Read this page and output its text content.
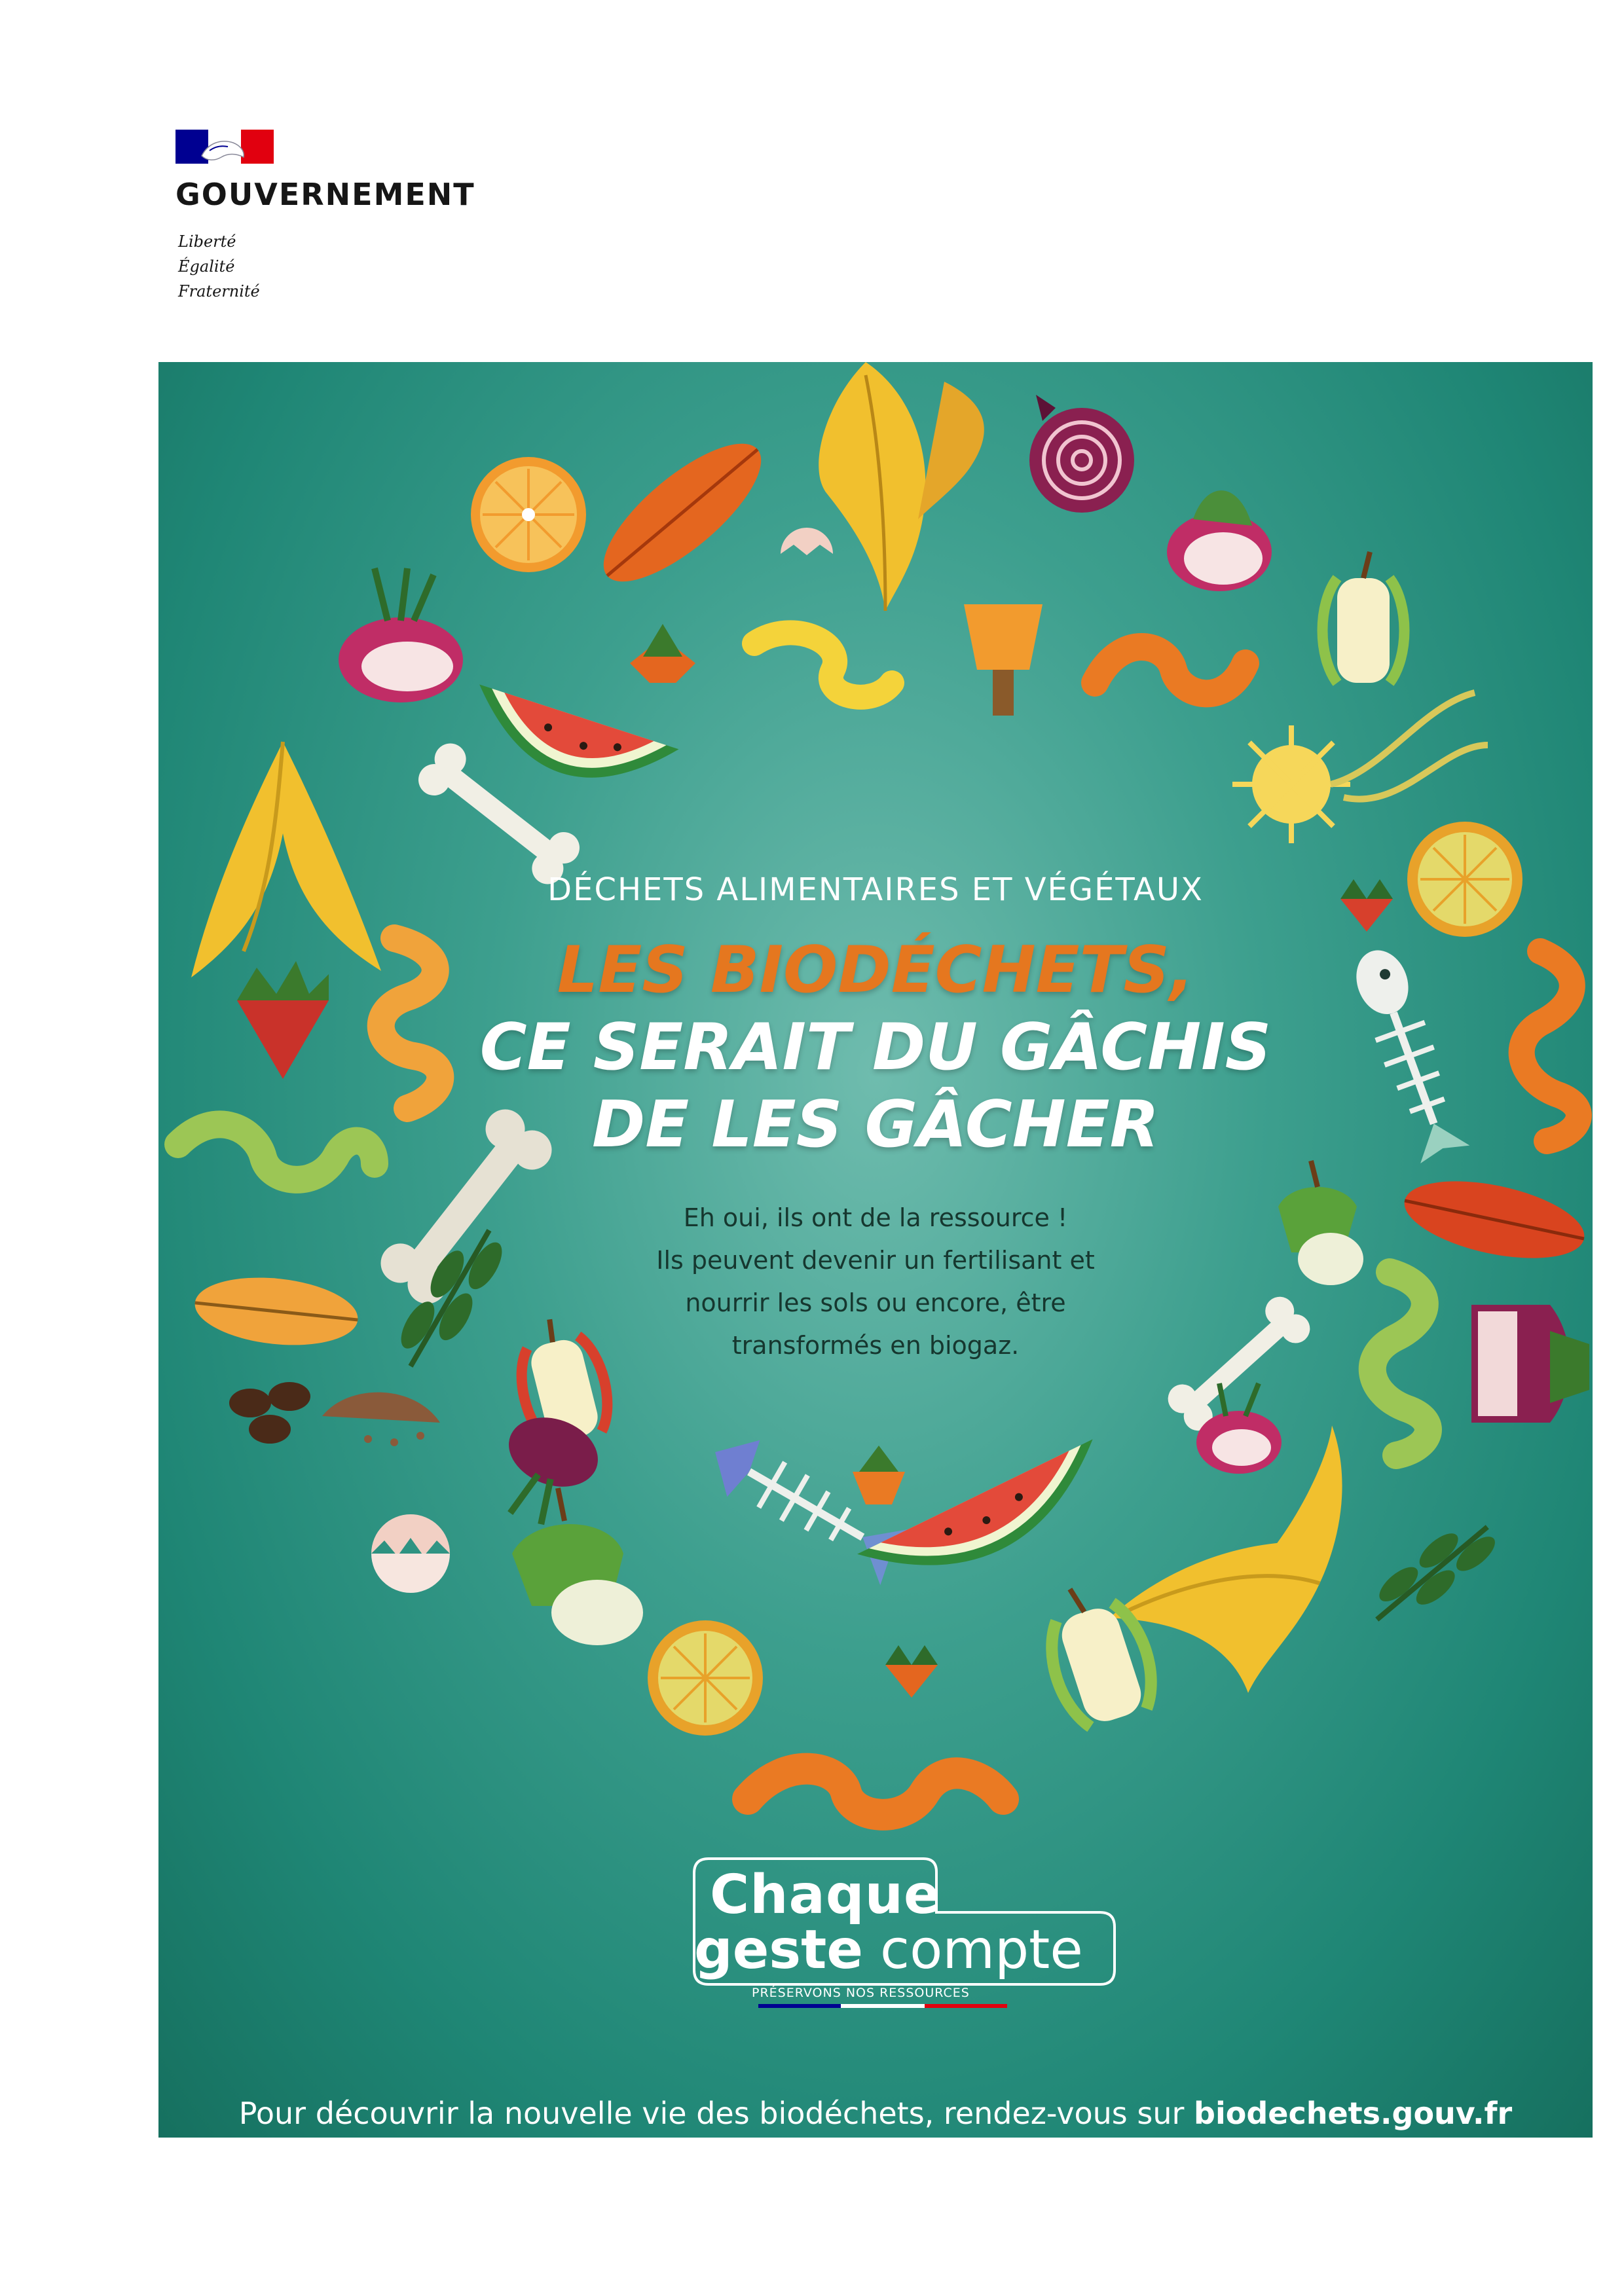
GOUVERNEMENT
Liberté
Égalité
Fraternité
DÉCHETS ALIMENTAIRES ET VÉGÉTAUX
LES BIODÉCHETS,
CE SERAIT DU GÂCHIS
DE LES GÂCHER
Eh oui, ils ont de la ressource !
Ils peuvent devenir un fertilisant et
nourrir les sols ou encore, être
transformés en biogaz.
Chaque
geste compte
PRÉSERVONS NOS RESSOURCES
Pour découvrir la nouvelle vie des biodéchets, rendez-vous sur biodechets.gouv.fr
